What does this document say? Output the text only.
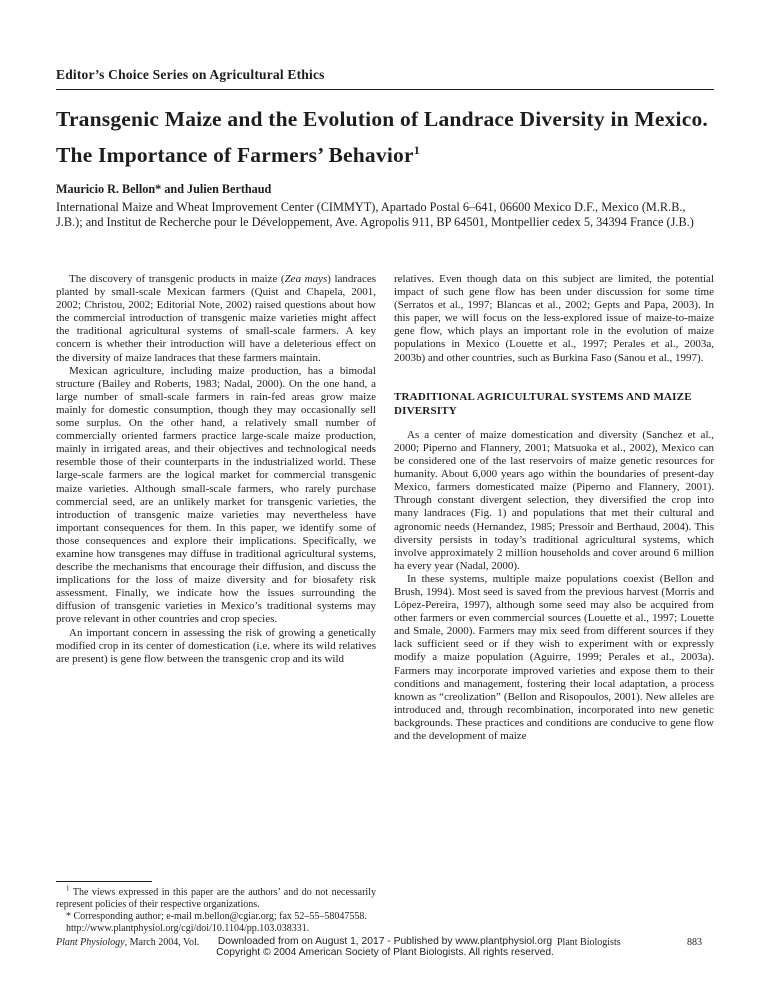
Editor’s Choice Series on Agricultural Ethics
Transgenic Maize and the Evolution of Landrace Diversity in Mexico. The Importance of Farmers’ Behavior$^1$
Mauricio R. Bellon* and Julien Berthaud
International Maize and Wheat Improvement Center (CIMMYT), Apartado Postal 6–641, 06600 Mexico D.F., Mexico (M.R.B., J.B.); and Institut de Recherche pour le Développement, Ave. Agropolis 911, BP 64501, Montpellier cedex 5, 34394 France (J.B.)

The discovery of transgenic products in maize (Zea mays) landraces planted by small-scale Mexican farmers (Quist and Chapela, 2001, 2002; Christou, 2002; Editorial Note, 2002) raised questions about how the commercial introduction of transgenic maize varieties might affect the traditional agricultural systems of small-scale farmers. A key concern is whether their introduction will have a deleterious effect on the diversity of maize landraces that these farmers maintain.

Mexican agriculture, including maize production, has a bimodal structure (Bailey and Roberts, 1983; Nadal, 2000). On the one hand, a large number of small-scale farmers in rain-fed areas grow maize mainly for domestic consumption, though they may occasionally sell some surplus. On the other hand, a relatively small number of commercially oriented farmers practice large-scale maize production, mainly in irrigated areas, and their objectives and technological needs resemble those of their counterparts in the industrialized world. These large-scale farmers are the logical market for commercial transgenic maize varieties. Although small-scale farmers, who rarely purchase commercial seed, are an unlikely market for transgenic varieties, the introduction of transgenic maize varieties may nevertheless have important consequences for them. In this paper, we identify some of those consequences and explore their implications. Specifically, we examine how transgenes may diffuse in traditional agricultural systems, describe the mechanisms that encourage their diffusion, and discuss the implications for the loss of maize diversity and for biosafety risk assessment. Finally, we indicate how the issues surrounding the diffusion of transgenic varieties in Mexico’s traditional systems may prove relevant in other countries and crop species.

An important concern in assessing the risk of growing a genetically modified crop in its center of domestication (i.e. where its wild relatives are present) is gene flow between the transgenic crop and its wild

$^1$ The views expressed in this paper are the authors’ and do not necessarily represent policies of their respective organizations.

* Corresponding author; e-mail m.bellon@cgiar.org; fax 52–55–58047558.

http://www.plantphysiol.org/cgi/doi/10.1104/pp.103.038331.

relatives. Even though data on this subject are limited, the potential impact of such gene flow has been under discussion for some time (Serratos et al., 1997; Blancas et al., 2002; Gepts and Papa, 2003). In this paper, we will focus on the less-explored issue of maize-to-maize gene flow, which plays an important role in the evolution of maize populations in Mexico (Louette et al., 1997; Perales et al., 2003a, 2003b) and other countries, such as Burkina Faso (Sanou et al., 1997).

TRADITIONAL AGRICULTURAL SYSTEMS AND MAIZE DIVERSITY

As a center of maize domestication and diversity (Sanchez et al., 2000; Piperno and Flannery, 2001; Matsuoka et al., 2002), Mexico can be considered one of the last reservoirs of maize genetic resources for humanity. About 6,000 years ago within the boundaries of present-day Mexico, farmers domesticated maize (Piperno and Flannery, 2001). Through constant divergent selection, they diversified the crop into many landraces (Fig. 1) and populations that met their cultural and agronomic needs (Hernandez, 1985; Pressoir and Berthaud, 2004). This diversity persists in today’s traditional agricultural systems, which involve approximately 2 million households and cover around 6 million ha every year (Nadal, 2000).

In these systems, multiple maize populations coexist (Bellon and Brush, 1994). Most seed is saved from the previous harvest (Morris and López-Pereira, 1997), although some seed may also be acquired from other farmers or even commercial sources (Louette et al., 1997; Louette and Smale, 2000). Farmers may mix seed from different sources if they lack sufficient seed or if they wish to experiment with or expressly modify a maize population (Aguirre, 1999; Perales et al., 2003a). Farmers may incorporate improved varieties and expose them to their conditions and management, fostering their local adaptation, a process known as “creolization” (Bellon and Risopoulos, 2001). New alleles are introduced and, through recombination, incorporated into new genetic backgrounds. These practices and conditions are conducive to gene flow and the development of maize

Plant Physiology, March 2004, Vol.	Plant Biologists
Downloaded from on August 1, 2017 - Published by www.plantphysiol.org
Copyright © 2004 American Society of Plant Biologists. All rights reserved.
883
